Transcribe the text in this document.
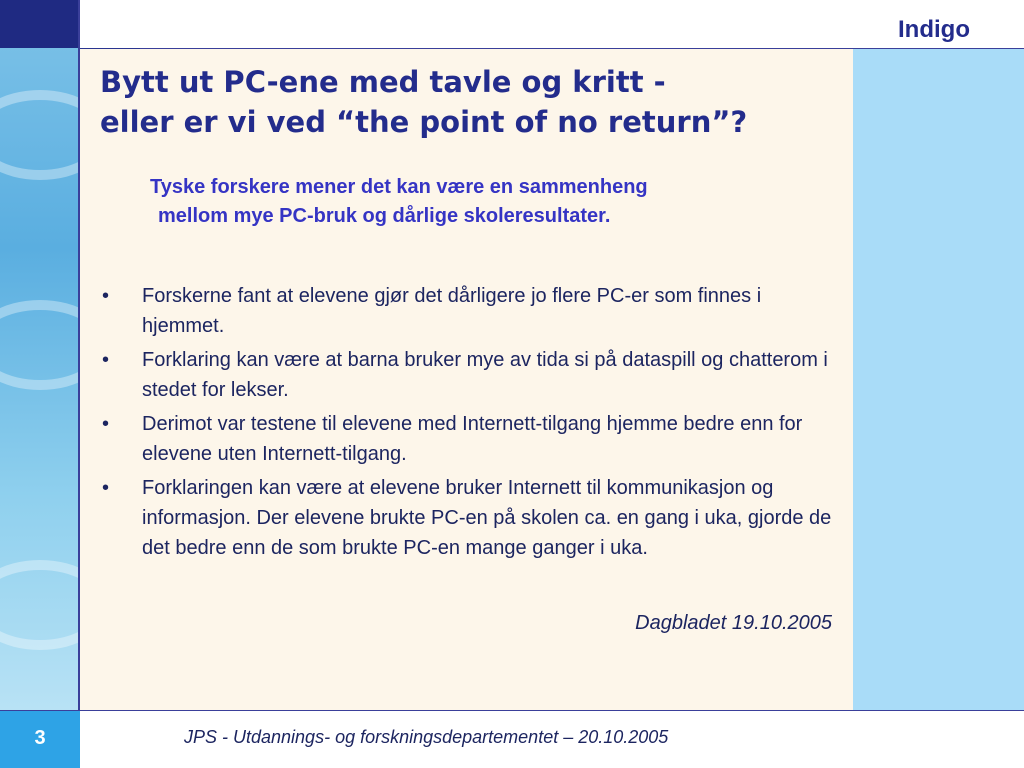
Indigo
Bytt ut PC-ene med tavle og kritt -
eller er vi ved “the point of no return”?
Tyske forskere mener det kan være en sammenheng
mellom mye PC-bruk og dårlige skoleresultater.
• Forskerne fant at elevene gjør det dårligere jo flere PC-er som finnes i hjemmet.
• Forklaring kan være at barna bruker mye av tida si på dataspill og chatterom i stedet for lekser.
• Derimot var testene til elevene med Internett-tilgang hjemme bedre enn for elevene uten Internett-tilgang.
• Forklaringen kan være at elevene bruker Internett til kommunikasjon og informasjon. Der elevene brukte PC-en på skolen ca. en gang i uka, gjorde de det bedre enn de som brukte PC-en mange ganger i uka.
Dagbladet 19.10.2005
3	JPS - Utdannings- og forskningsdepartementet – 20.10.2005
